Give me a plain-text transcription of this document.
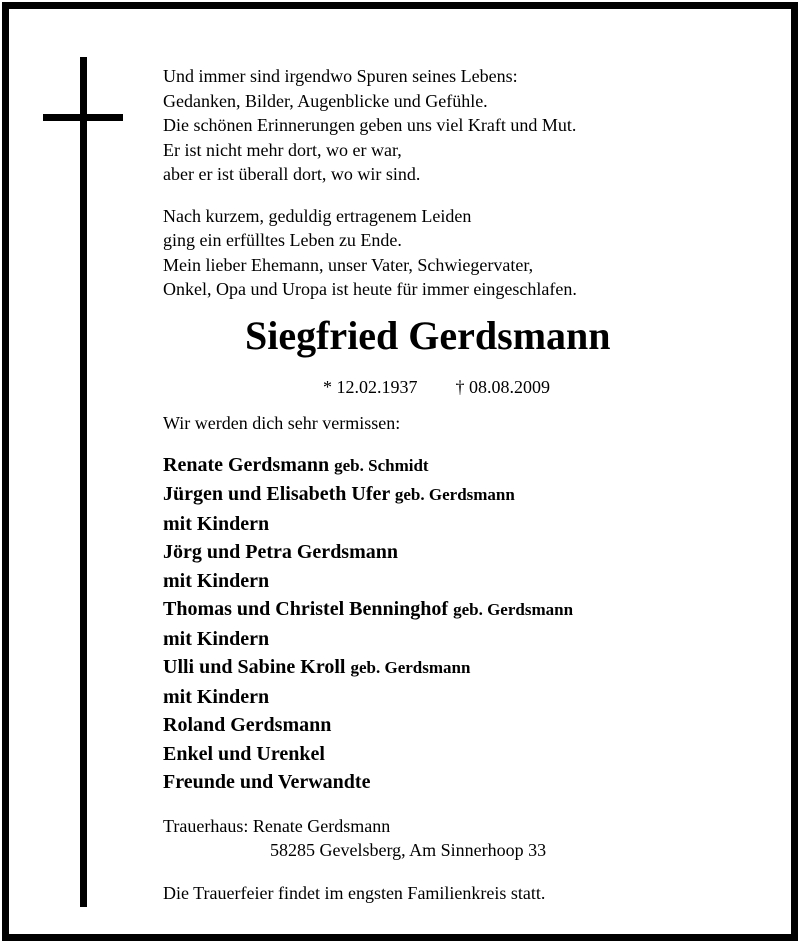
Und immer sind irgendwo Spuren seines Lebens:

Gedanken, Bilder, Augenblicke und Gefühle.

Die schönen Erinnerungen geben uns viel Kraft und Mut.

Er ist nicht mehr dort, wo er war,

aber er ist überall dort, wo wir sind.

Nach kurzem, geduldig ertragenem Leiden

ging ein erfülltes Leben zu Ende.

Mein lieber Ehemann, unser Vater, Schwiegervater,

Onkel, Opa und Uropa ist heute für immer eingeschlafen.

Siegfried Gerdsmann
* 12.02.1937 † 08.08.2009
Wir werden dich sehr vermissen:
Renate Gerdsmann geb. Schmidt
Jürgen und Elisabeth Ufer geb. Gerdsmann
mit Kindern
Jörg und Petra Gerdsmann
mit Kindern
Thomas und Christel Benninghof geb. Gerdsmann
mit Kindern
Ulli und Sabine Kroll geb. Gerdsmann
mit Kindern
Roland Gerdsmann
Enkel und Urenkel
Freunde und Verwandte
Trauerhaus: Renate Gerdsmann
58285 Gevelsberg, Am Sinnerhoop 33
Die Trauerfeier findet im engsten Familienkreis statt.
